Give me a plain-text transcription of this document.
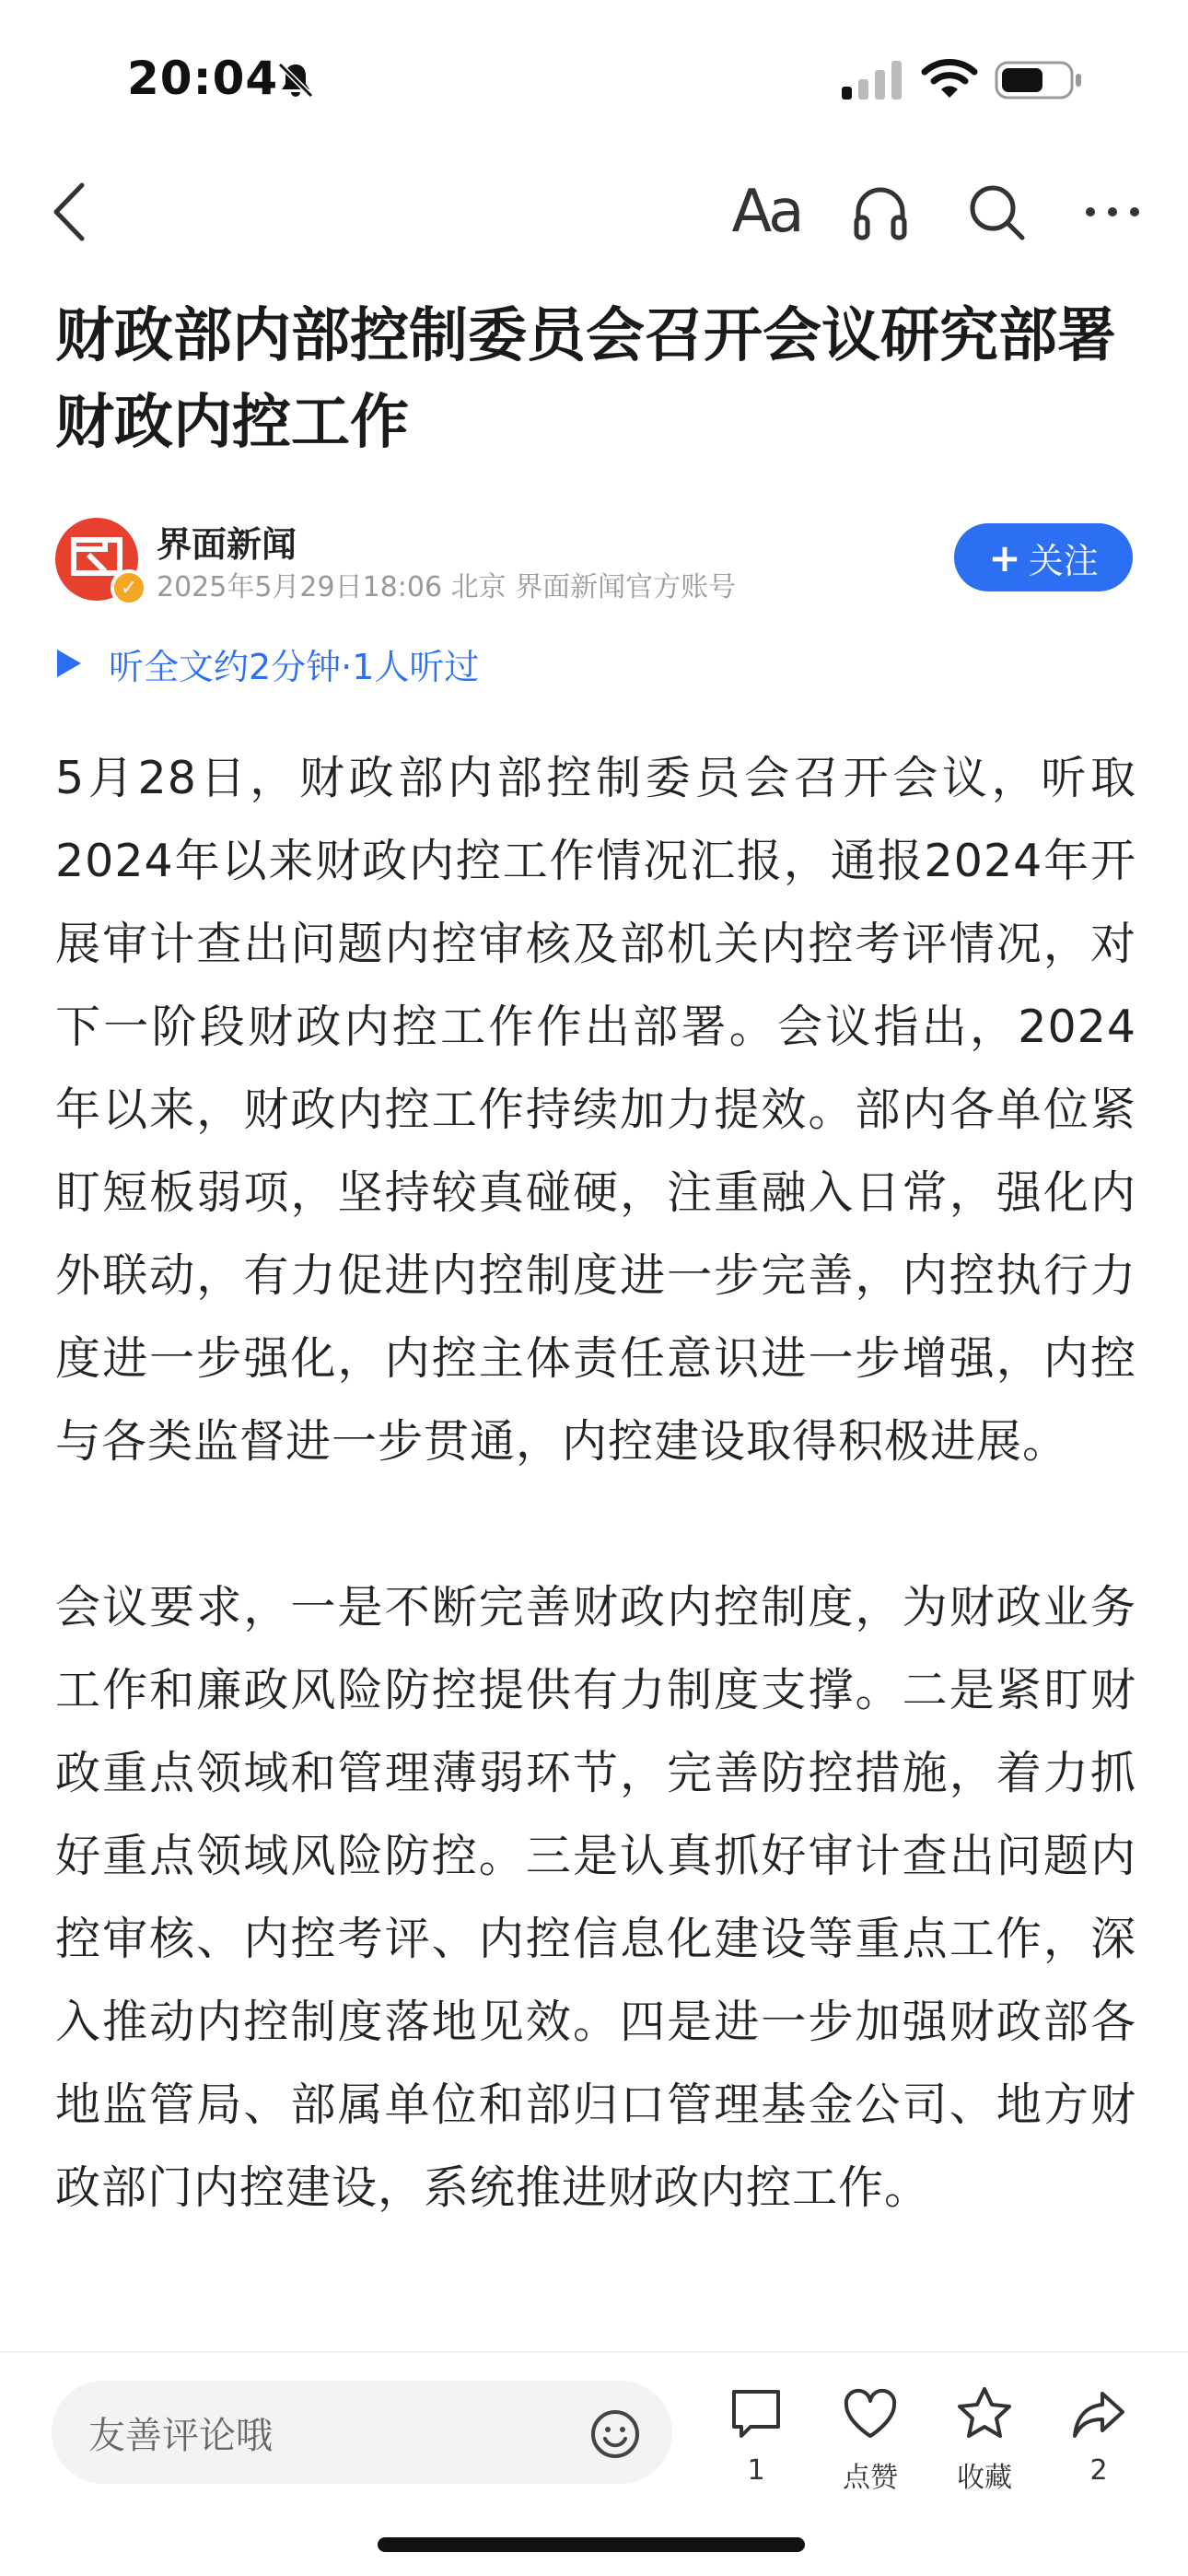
20:04
Aa
财政部内部控制委员会召开会议研究部署财政内控工作
✓
界面新闻
2025年5月29日18:06 北京 界面新闻官方账号
+ 关注
听全文约2分钟·1人听过

5月28日，财政部内部控制委员会召开会议，听取2024年以来财政内控工作情况汇报，通报2024年开展审计查出问题内控审核及部机关内控考评情况，对下一阶段财政内控工作作出部署。会议指出，2024年以来，财政内控工作持续加力提效。部内各单位紧盯短板弱项，坚持较真碰硬，注重融入日常，强化内外联动，有力促进内控制度进一步完善，内控执行力度进一步强化，内控主体责任意识进一步增强，内控与各类监督进一步贯通，内控建设取得积极进展。

会议要求，一是不断完善财政内控制度，为财政业务工作和廉政风险防控提供有力制度支撑。二是紧盯财政重点领域和管理薄弱环节，完善防控措施，着力抓好重点领域风险防控。三是认真抓好审计查出问题内控审核、内控考评、内控信息化建设等重点工作，深入推动内控制度落地见效。四是进一步加强财政部各地监管局、部属单位和部归口管理基金公司、地方财政部门内控建设，系统推进财政内控工作。

友善评论哦
1	点赞 收藏	2
